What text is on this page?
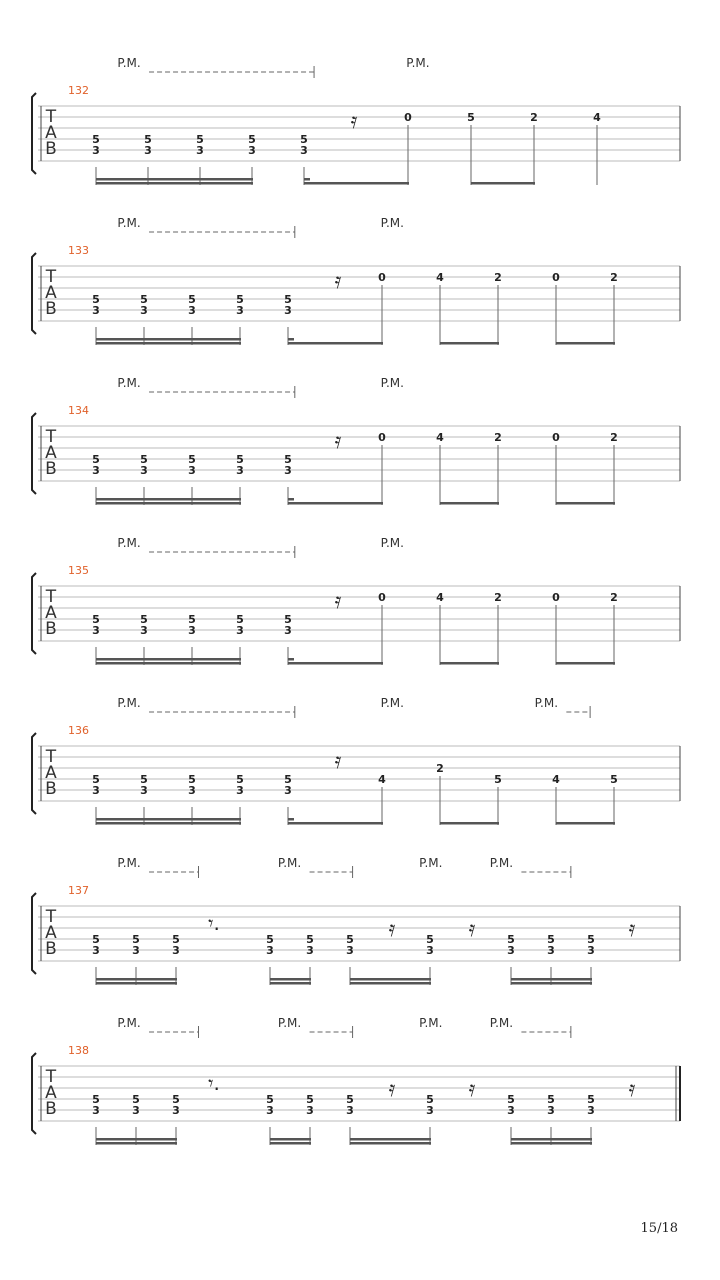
T
A
B
132
P.M.	P.M.
5
3
5
3
5
3
5
3
5
3
𝄿	0	5	2	4
T
A
B
133
P.M.	P.M.
5
3
5
3
5
3
5
3
5
3
𝄿	0	4	2	0	2
T
A
B
134
P.M.	P.M.
5
3
5
3
5
3
5
3
5
3
𝄿	0	4	2	0	2
T
A
B
135
P.M.	P.M.
5
3
5
3
5
3
5
3
5
3
𝄿	0	4	2	0	2
T
A
B
136
P.M.	P.M.	P.M.
5
3
5
3
5
3
5
3
5
3
𝄿
4
2
5	4	5
T
A
B
137
P.M.	P.M.	P.M.	P.M.
5
3
5
3
5
3
5
3
5
3
5
3
5
3
5
3
5
3
5
3
𝄾.	𝄿	𝄿	𝄿
T
A
B
138
P.M.	P.M.	P.M.	P.M.
5
3
5
3
5
3
5
3
5
3
5
3
5
3
5
3
5
3
5
3
𝄾.	𝄿	𝄿	𝄿
15/18
